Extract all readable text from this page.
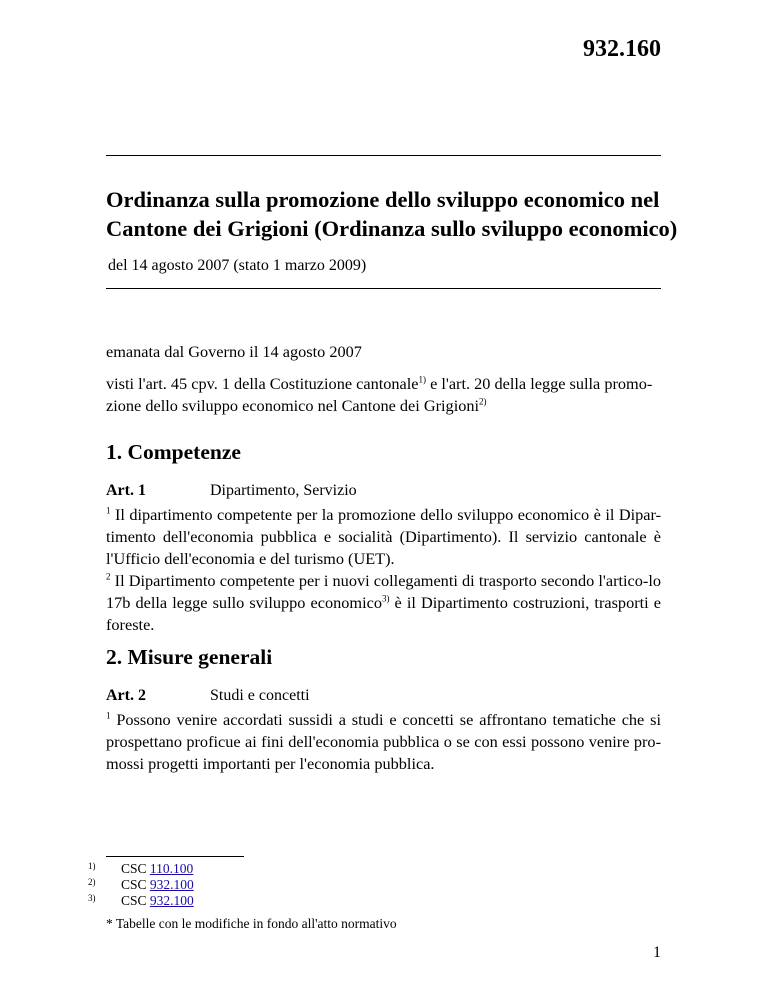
932.160
Ordinanza sulla promozione dello sviluppo economico nel
Cantone dei Grigioni (Ordinanza sullo sviluppo economico)
del 14 agosto 2007 (stato 1 marzo 2009)
emanata dal Governo il 14 agosto 2007
visti l'art. 45 cpv. 1 della Costituzione cantonale$^{1)}$ e l'art. 20 della legge sulla promo-
zione dello sviluppo economico nel Cantone dei Grigioni$^{2)}$
1. Competenze
Art. 1	Dipartimento, Servizio
$^1$ Il dipartimento competente per la promozione dello sviluppo economico è il Dipar-timento dell'economia pubblica e socialità (Dipartimento). Il servizio cantonale è l'Ufficio dell'economia e del turismo (UET).
$^2$ Il Dipartimento competente per i nuovi collegamenti di trasporto secondo l'artico-lo 17b della legge sullo sviluppo economico$^{3)}$ è il Dipartimento costruzioni, trasporti e foreste.
2. Misure generali
Art. 2	Studi e concetti
$^1$ Possono venire accordati sussidi a studi e concetti se affrontano tematiche che si prospettano proficue ai fini dell'economia pubblica o se con essi possono venire pro-mossi progetti importanti per l'economia pubblica.
1) CSC 110.100
2) CSC 932.100
3) CSC 932.100
* Tabelle con le modifiche in fondo all'atto normativo
1
